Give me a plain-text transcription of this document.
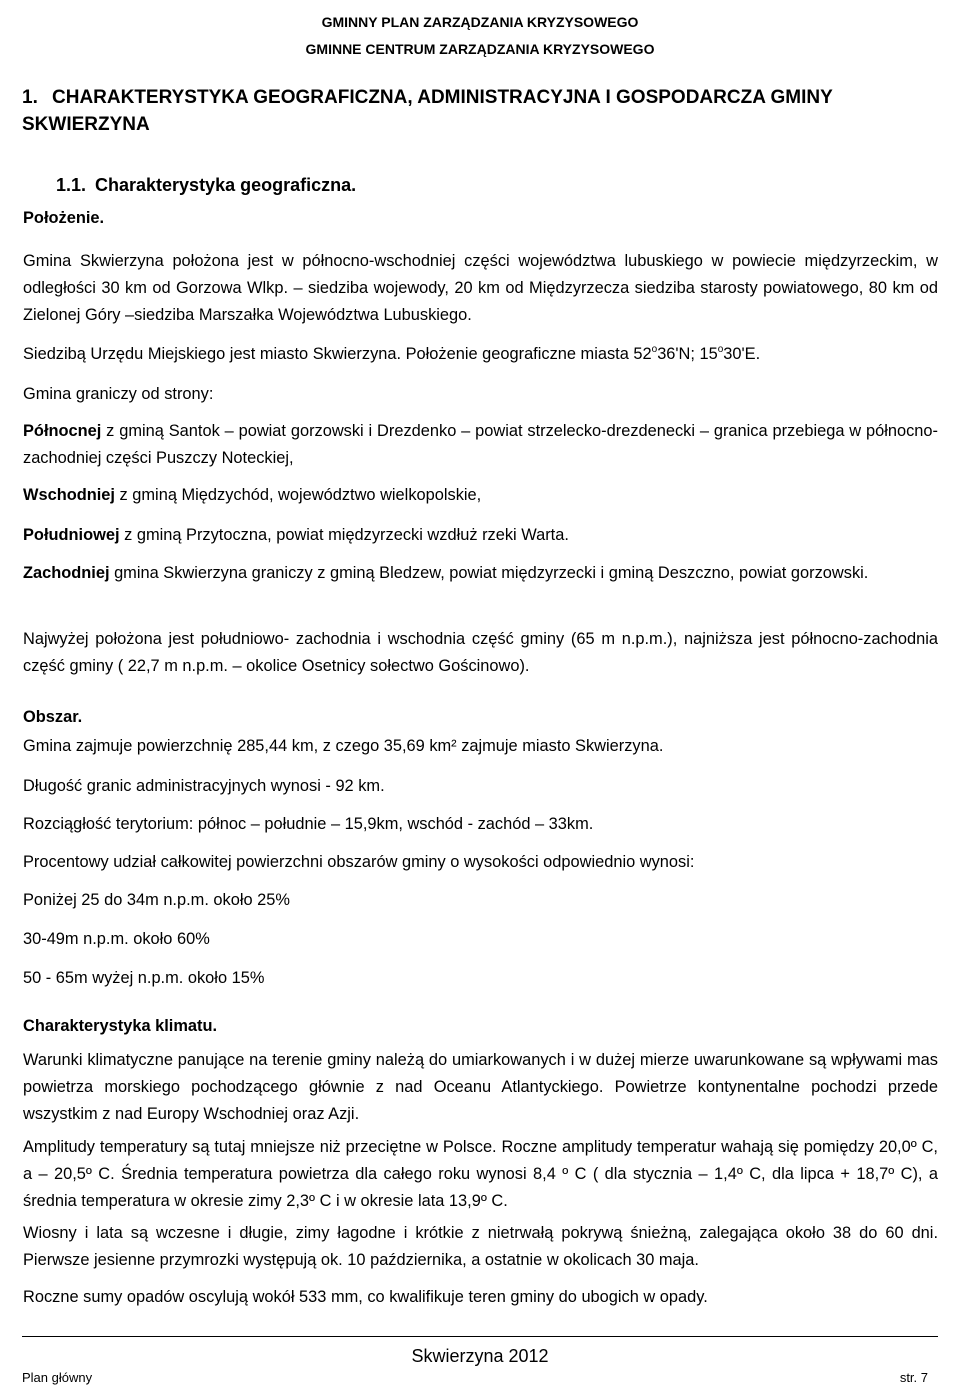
GMINNY PLAN ZARZĄDZANIA KRYZYSOWEGO
GMINNE CENTRUM ZARZĄDZANIA KRYZYSOWEGO
1. CHARAKTERYSTYKA GEOGRAFICZNA, ADMINISTRACYJNA I GOSPODARCZA GMINY SKWIERZYNA
1.1. Charakterystyka geograficzna.
Położenie.
Gmina Skwierzyna położona jest w północno-wschodniej części województwa lubuskiego w powiecie międzyrzeckim, w odległości 30 km od Gorzowa Wlkp. – siedziba wojewody, 20 km od Międzyrzecza siedziba starosty powiatowego, 80 km od Zielonej Góry –siedziba Marszałka Województwa Lubuskiego.
Siedzibą Urzędu Miejskiego jest miasto Skwierzyna. Położenie geograficzne miasta 52$^o$36'N; 15$^o$30'E.
Gmina graniczy od strony:
Północnej z gminą Santok – powiat gorzowski i Drezdenko – powiat strzelecko-drezdenecki – granica przebiega w północno-zachodniej części Puszczy Noteckiej,
Wschodniej z gminą Międzychód, województwo wielkopolskie,
Południowej z gminą Przytoczna, powiat międzyrzecki wzdłuż rzeki Warta.
Zachodniej gmina Skwierzyna graniczy z gminą Bledzew, powiat międzyrzecki i gminą Deszczno, powiat gorzowski.
Najwyżej położona jest południowo- zachodnia i wschodnia część gminy (65 m n.p.m.), najniższa jest północno-zachodnia część gminy ( 22,7 m n.p.m. – okolice Osetnicy sołectwo Gościnowo).
Obszar.
Gmina zajmuje powierzchnię 285,44 km, z czego 35,69 km² zajmuje miasto Skwierzyna.
Długość granic administracyjnych wynosi - 92 km.
Rozciągłość terytorium: północ – południe – 15,9km, wschód - zachód – 33km.
Procentowy udział całkowitej powierzchni obszarów gminy o wysokości odpowiednio wynosi:
Poniżej 25 do 34m n.p.m. około 25%
30-49m n.p.m. około 60%
50 - 65m wyżej n.p.m. około 15%
Charakterystyka klimatu.
Warunki klimatyczne panujące na terenie gminy należą do umiarkowanych i w dużej mierze uwarunkowane są wpływami mas powietrza morskiego pochodzącego głównie z nad Oceanu Atlantyckiego. Powietrze kontynentalne pochodzi przede wszystkim z nad Europy Wschodniej oraz Azji.
Amplitudy temperatury są tutaj mniejsze niż przeciętne w Polsce. Roczne amplitudy temperatur wahają się pomiędzy 20,0º C, a – 20,5º C. Średnia temperatura powietrza dla całego roku wynosi 8,4 º C ( dla stycznia – 1,4º C, dla lipca + 18,7º C), a średnia temperatura w okresie zimy 2,3º C i w okresie lata 13,9º C.
Wiosny i lata są wczesne i długie, zimy łagodne i krótkie z nietrwałą pokrywą śnieżną, zalegająca około 38 do 60 dni. Pierwsze jesienne przymrozki występują ok. 10 października, a ostatnie w okolicach 30 maja.
Roczne sumy opadów oscylują wokół 533 mm, co kwalifikuje teren gminy do ubogich w opady.
Skwierzyna 2012
Plan główny	str. 7
